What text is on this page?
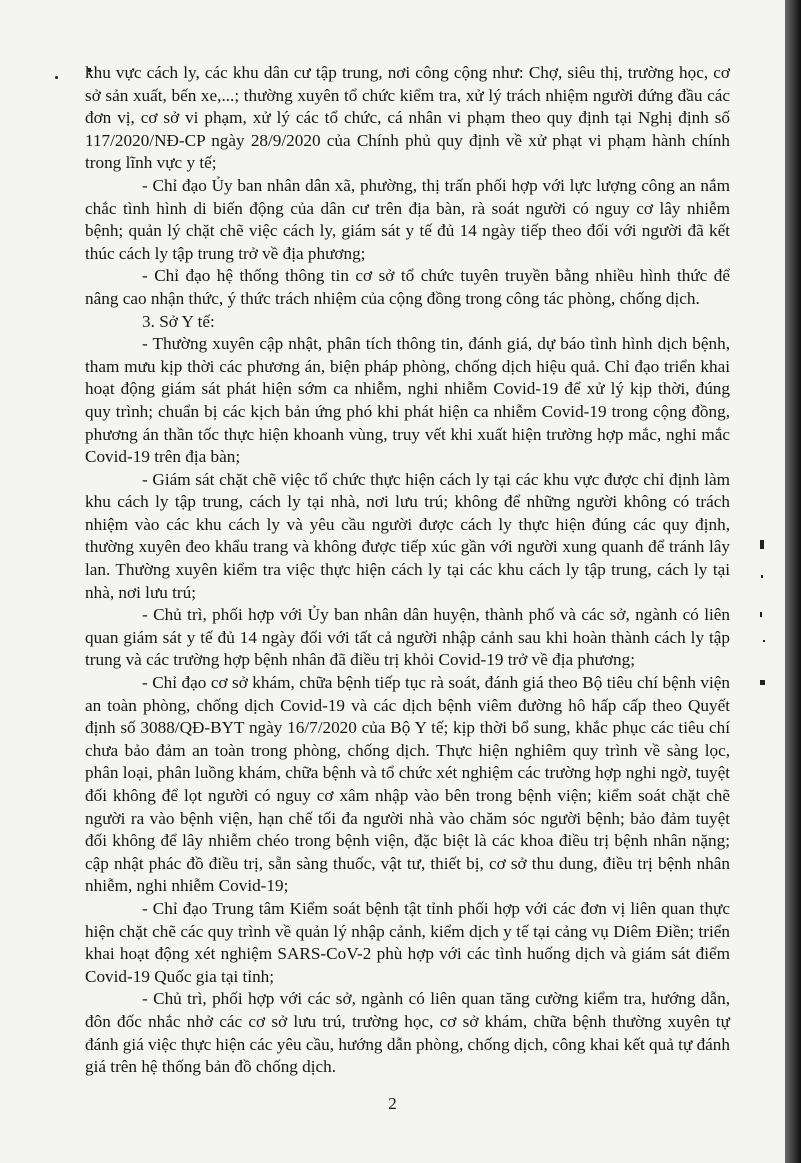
khu vực cách ly, các khu dân cư tập trung, nơi công cộng như: Chợ, siêu thị, trường học, cơ sở sản xuất, bến xe,...; thường xuyên tổ chức kiểm tra, xử lý trách nhiệm người đứng đầu các đơn vị, cơ sở vi phạm, xử lý các tổ chức, cá nhân vi phạm theo quy định tại Nghị định số 117/2020/NĐ-CP ngày 28/9/2020 của Chính phủ quy định về xử phạt vi phạm hành chính trong lĩnh vực y tế;

- Chỉ đạo Ủy ban nhân dân xã, phường, thị trấn phối hợp với lực lượng công an nắm chắc tình hình di biến động của dân cư trên địa bàn, rà soát người có nguy cơ lây nhiễm bệnh; quản lý chặt chẽ việc cách ly, giám sát y tế đủ 14 ngày tiếp theo đối với người đã kết thúc cách ly tập trung trở về địa phương;

- Chỉ đạo hệ thống thông tin cơ sở tổ chức tuyên truyền bằng nhiều hình thức để nâng cao nhận thức, ý thức trách nhiệm của cộng đồng trong công tác phòng, chống dịch.

3. Sở Y tế:

- Thường xuyên cập nhật, phân tích thông tin, đánh giá, dự báo tình hình dịch bệnh, tham mưu kịp thời các phương án, biện pháp phòng, chống dịch hiệu quả. Chỉ đạo triển khai hoạt động giám sát phát hiện sớm ca nhiễm, nghi nhiễm Covid-19 để xử lý kịp thời, đúng quy trình; chuẩn bị các kịch bản ứng phó khi phát hiện ca nhiễm Covid-19 trong cộng đồng, phương án thần tốc thực hiện khoanh vùng, truy vết khi xuất hiện trường hợp mắc, nghi mắc Covid-19 trên địa bàn;

- Giám sát chặt chẽ việc tổ chức thực hiện cách ly tại các khu vực được chỉ định làm khu cách ly tập trung, cách ly tại nhà, nơi lưu trú; không để những người không có trách nhiệm vào các khu cách ly và yêu cầu người được cách ly thực hiện đúng các quy định, thường xuyên đeo khẩu trang và không được tiếp xúc gần với người xung quanh để tránh lây lan. Thường xuyên kiểm tra việc thực hiện cách ly tại các khu cách ly tập trung, cách ly tại nhà, nơi lưu trú;

- Chủ trì, phối hợp với Ủy ban nhân dân huyện, thành phố và các sở, ngành có liên quan giám sát y tế đủ 14 ngày đối với tất cả người nhập cảnh sau khi hoàn thành cách ly tập trung và các trường hợp bệnh nhân đã điều trị khỏi Covid-19 trở về địa phương;

- Chỉ đạo cơ sở khám, chữa bệnh tiếp tục rà soát, đánh giá theo Bộ tiêu chí bệnh viện an toàn phòng, chống dịch Covid-19 và các dịch bệnh viêm đường hô hấp cấp theo Quyết định số 3088/QĐ-BYT ngày 16/7/2020 của Bộ Y tế; kịp thời bổ sung, khắc phục các tiêu chí chưa bảo đảm an toàn trong phòng, chống dịch. Thực hiện nghiêm quy trình về sàng lọc, phân loại, phân luồng khám, chữa bệnh và tổ chức xét nghiệm các trường hợp nghi ngờ, tuyệt đối không để lọt người có nguy cơ xâm nhập vào bên trong bệnh viện; kiểm soát chặt chẽ người ra vào bệnh viện, hạn chế tối đa người nhà vào chăm sóc người bệnh; bảo đảm tuyệt đối không để lây nhiễm chéo trong bệnh viện, đặc biệt là các khoa điều trị bệnh nhân nặng; cập nhật phác đồ điều trị, sẵn sàng thuốc, vật tư, thiết bị, cơ sở thu dung, điều trị bệnh nhân nhiễm, nghi nhiễm Covid-19;

- Chỉ đạo Trung tâm Kiểm soát bệnh tật tỉnh phối hợp với các đơn vị liên quan thực hiện chặt chẽ các quy trình về quản lý nhập cảnh, kiểm dịch y tế tại cảng vụ Diêm Điền; triển khai hoạt động xét nghiệm SARS-CoV-2 phù hợp với các tình huống dịch và giám sát điểm Covid-19 Quốc gia tại tỉnh;

- Chủ trì, phối hợp với các sở, ngành có liên quan tăng cường kiểm tra, hướng dẫn, đôn đốc nhắc nhở các cơ sở lưu trú, trường học, cơ sở khám, chữa bệnh thường xuyên tự đánh giá việc thực hiện các yêu cầu, hướng dẫn phòng, chống dịch, công khai kết quả tự đánh giá trên hệ thống bản đồ chống dịch.

2
